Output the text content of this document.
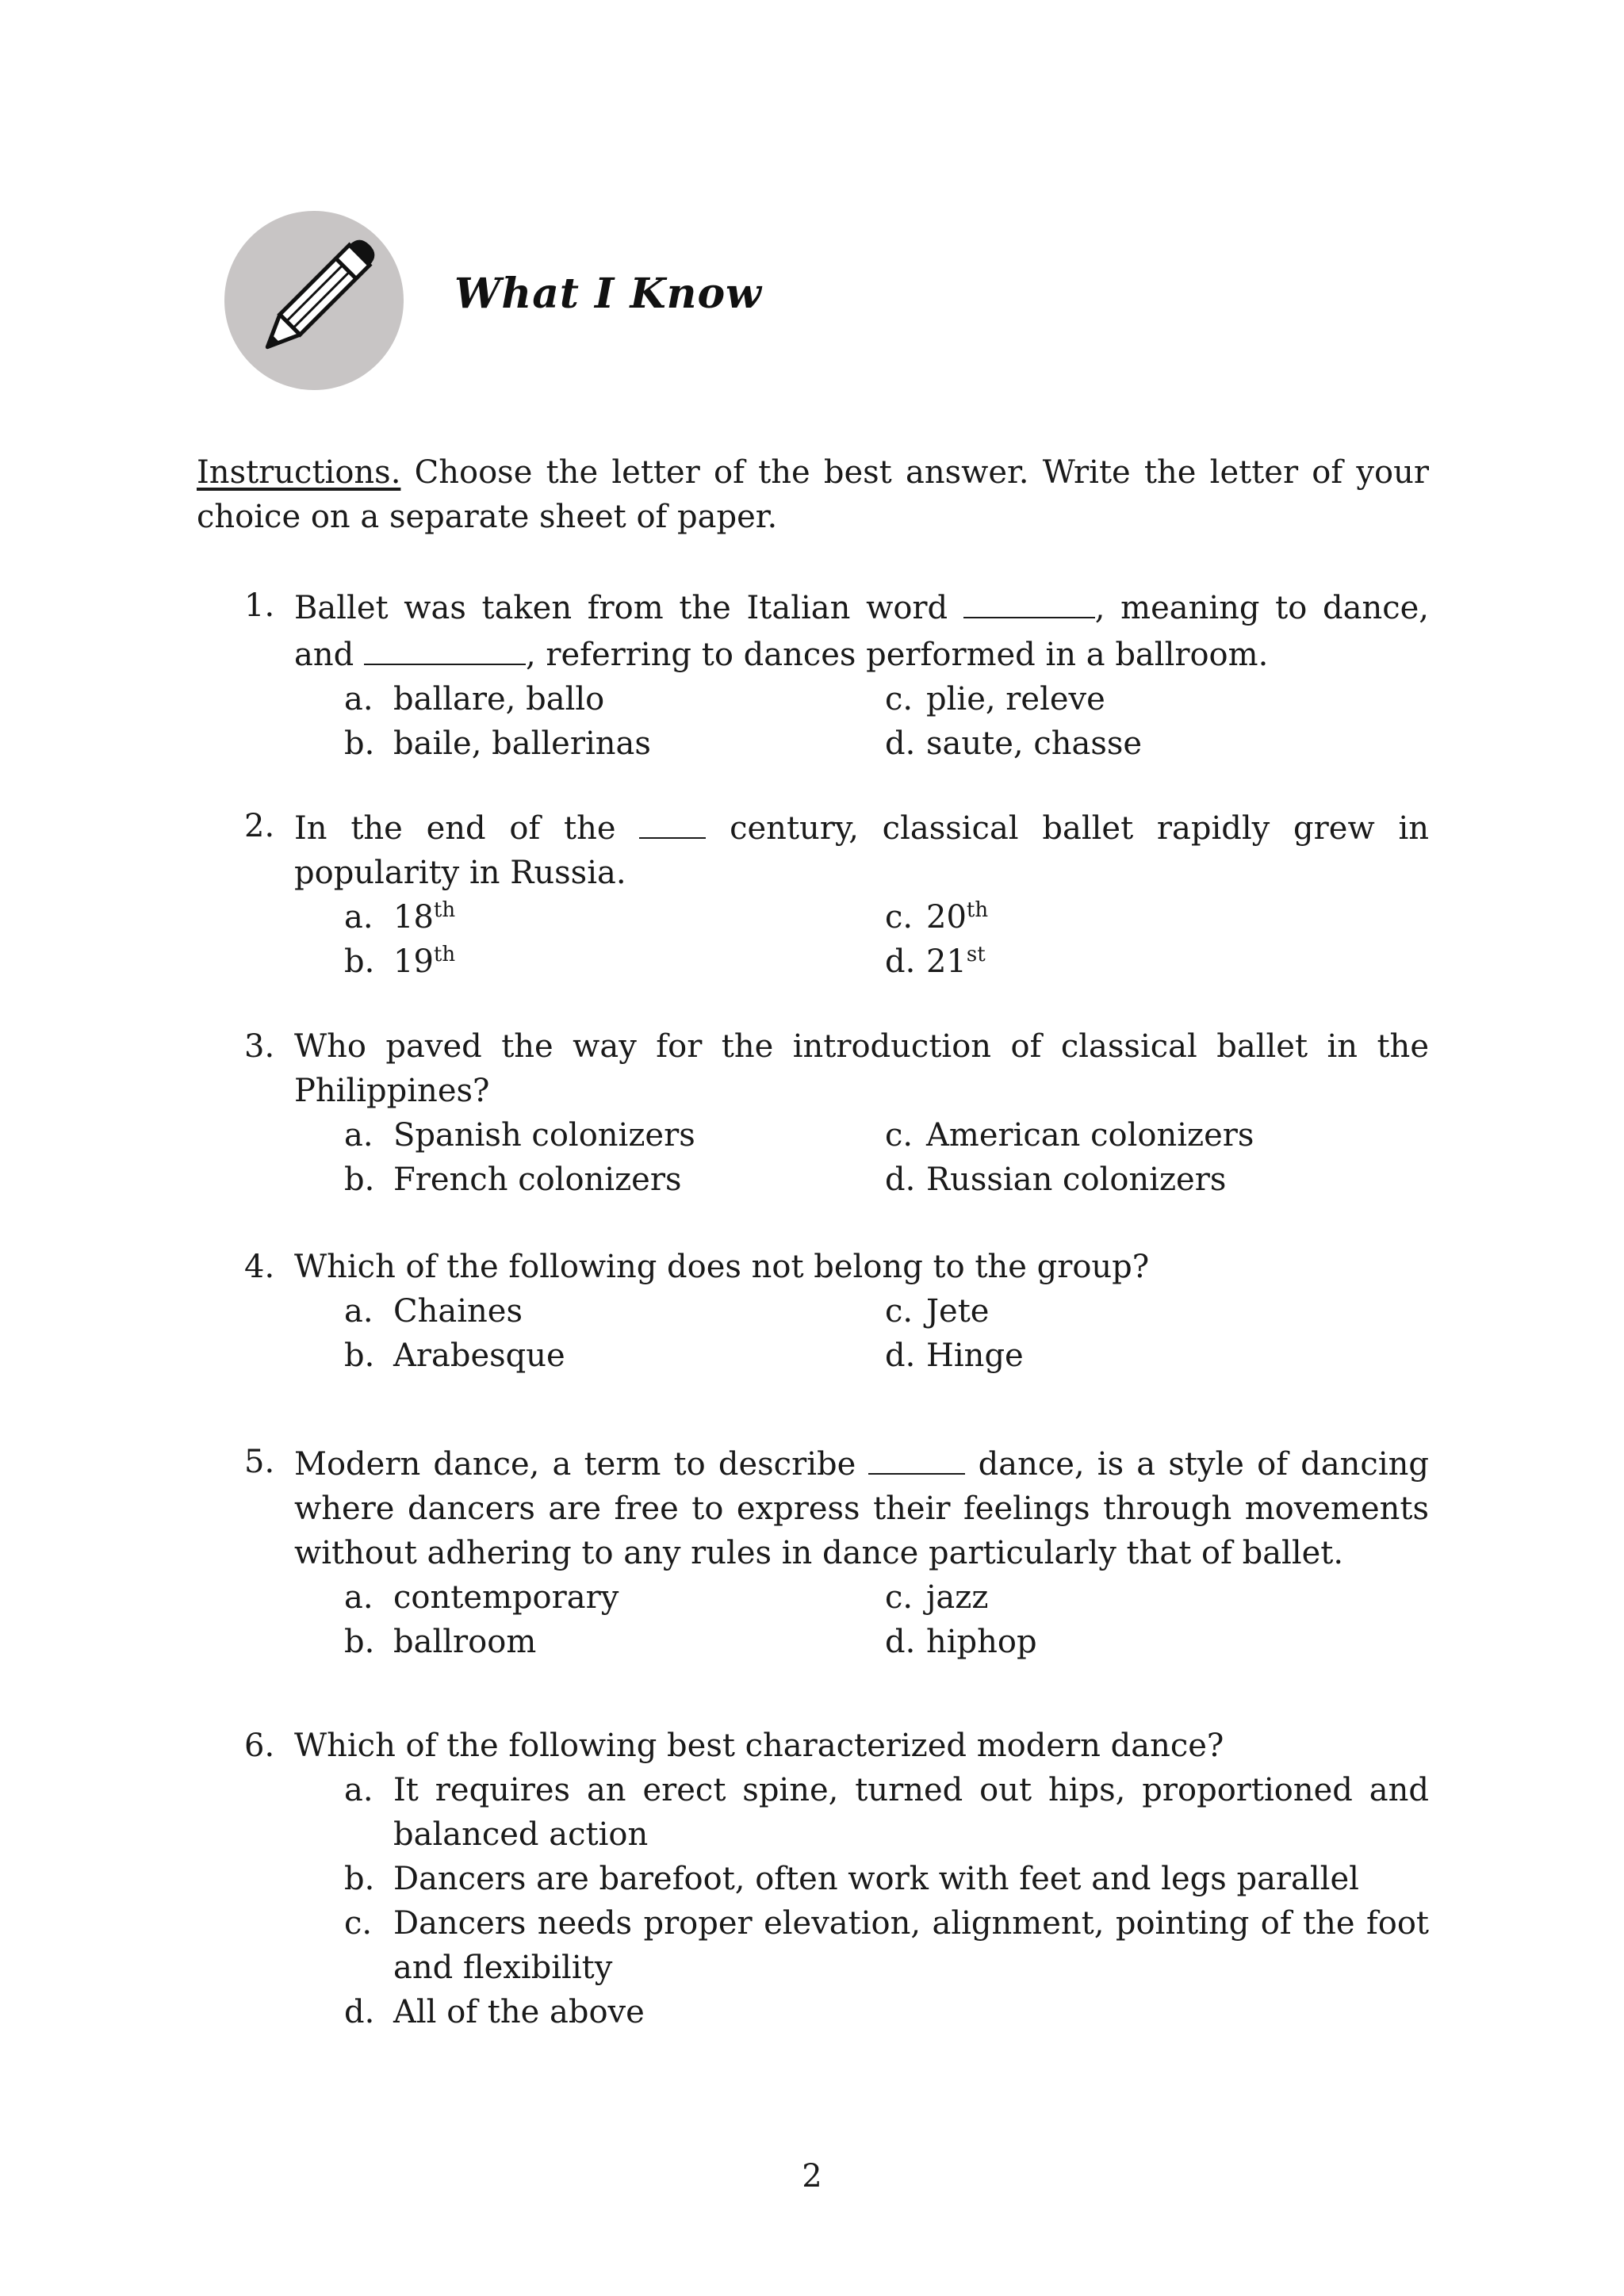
What I Know

Instructions. Choose the letter of the best answer. Write the letter of your choice on a separate sheet of paper.

1. Ballet was taken from the Italian word	, meaning to dance, and	, referring to dances performed in a ballroom.
a. ballare, ballo	c. plie, releve
b. baile, ballerinas	d. saute, chasse
2. In the end of the  century, classical ballet rapidly grew in popularity in Russia.
a. 18th	c. 20th
b. 19th	d. 21st
3. Who paved the way for the introduction of classical ballet in the Philippines?
a. Spanish colonizers	c. American colonizers
b. French colonizers	d. Russian colonizers
4. Which of the following does not belong to the group?
a. Chaines	c. Jete
b. Arabesque	d. Hinge
5. Modern dance, a term to describe	dance, is a style of dancing where dancers are free to express their feelings through movements without adhering to any rules in dance particularly that of ballet.
a. contemporary	c. jazz
b. ballroom	d. hiphop
6. Which of the following best characterized modern dance?
a. It requires an erect spine, turned out hips, proportioned and balanced action
b. Dancers are barefoot, often work with feet and legs parallel
c. Dancers needs proper elevation, alignment, pointing of the foot and flexibility
d. All of the above
2
